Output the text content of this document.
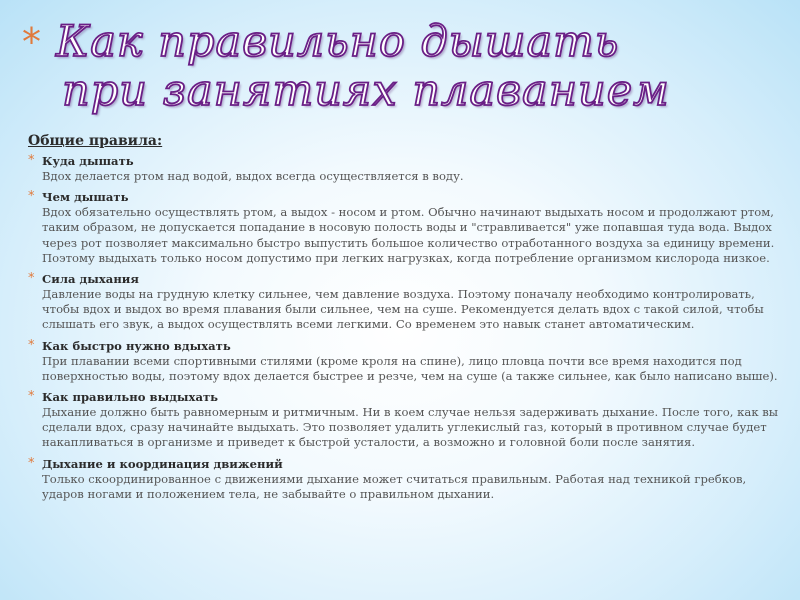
* Как правильно дышать
при занятиях плаванием
Общие правила:
* Куда дышать
Вдох делается ртом над водой, выдох всегда осуществляется в воду.
* Чем дышать
Вдох обязательно осуществлять ртом, а выдох - носом и ртом. Обычно начинают выдыхать носом и продолжают ртом, таким образом, не допускается попадание в носовую полость воды и "стравливается" уже попавшая туда вода. Выдох через рот позволяет максимально быстро выпустить большое количество отработанного воздуха за единицу времени. Поэтому выдыхать только носом допустимо при легких нагрузках, когда потребление организмом кислорода низкое.
* Сила дыхания
Давление воды на грудную клетку сильнее, чем давление воздуха. Поэтому поначалу необходимо контролировать, чтобы вдох и выдох во время плавания были сильнее, чем на суше. Рекомендуется делать вдох с такой силой, чтобы слышать его звук, а выдох осуществлять всеми легкими. Со временем это навык станет автоматическим.
* Как быстро нужно вдыхать
При плавании всеми спортивными стилями (кроме кроля на спине), лицо пловца почти все время находится под поверхностью воды, поэтому вдох делается быстрее и резче, чем на суше (а также сильнее, как было написано выше).
* Как правильно выдыхать
Дыхание должно быть равномерным и ритмичным. Ни в коем случае нельзя задерживать дыхание. После того, как вы сделали вдох, сразу начинайте выдыхать. Это позволяет удалить углекислый газ, который в противном случае будет накапливаться в организме и приведет к быстрой усталости, а возможно и головной боли после занятия.
* Дыхание и координация движений
Только скоординированное с движениями дыхание может считаться правильным. Работая над техникой гребков, ударов ногами и положением тела, не забывайте о правильном дыхании.
